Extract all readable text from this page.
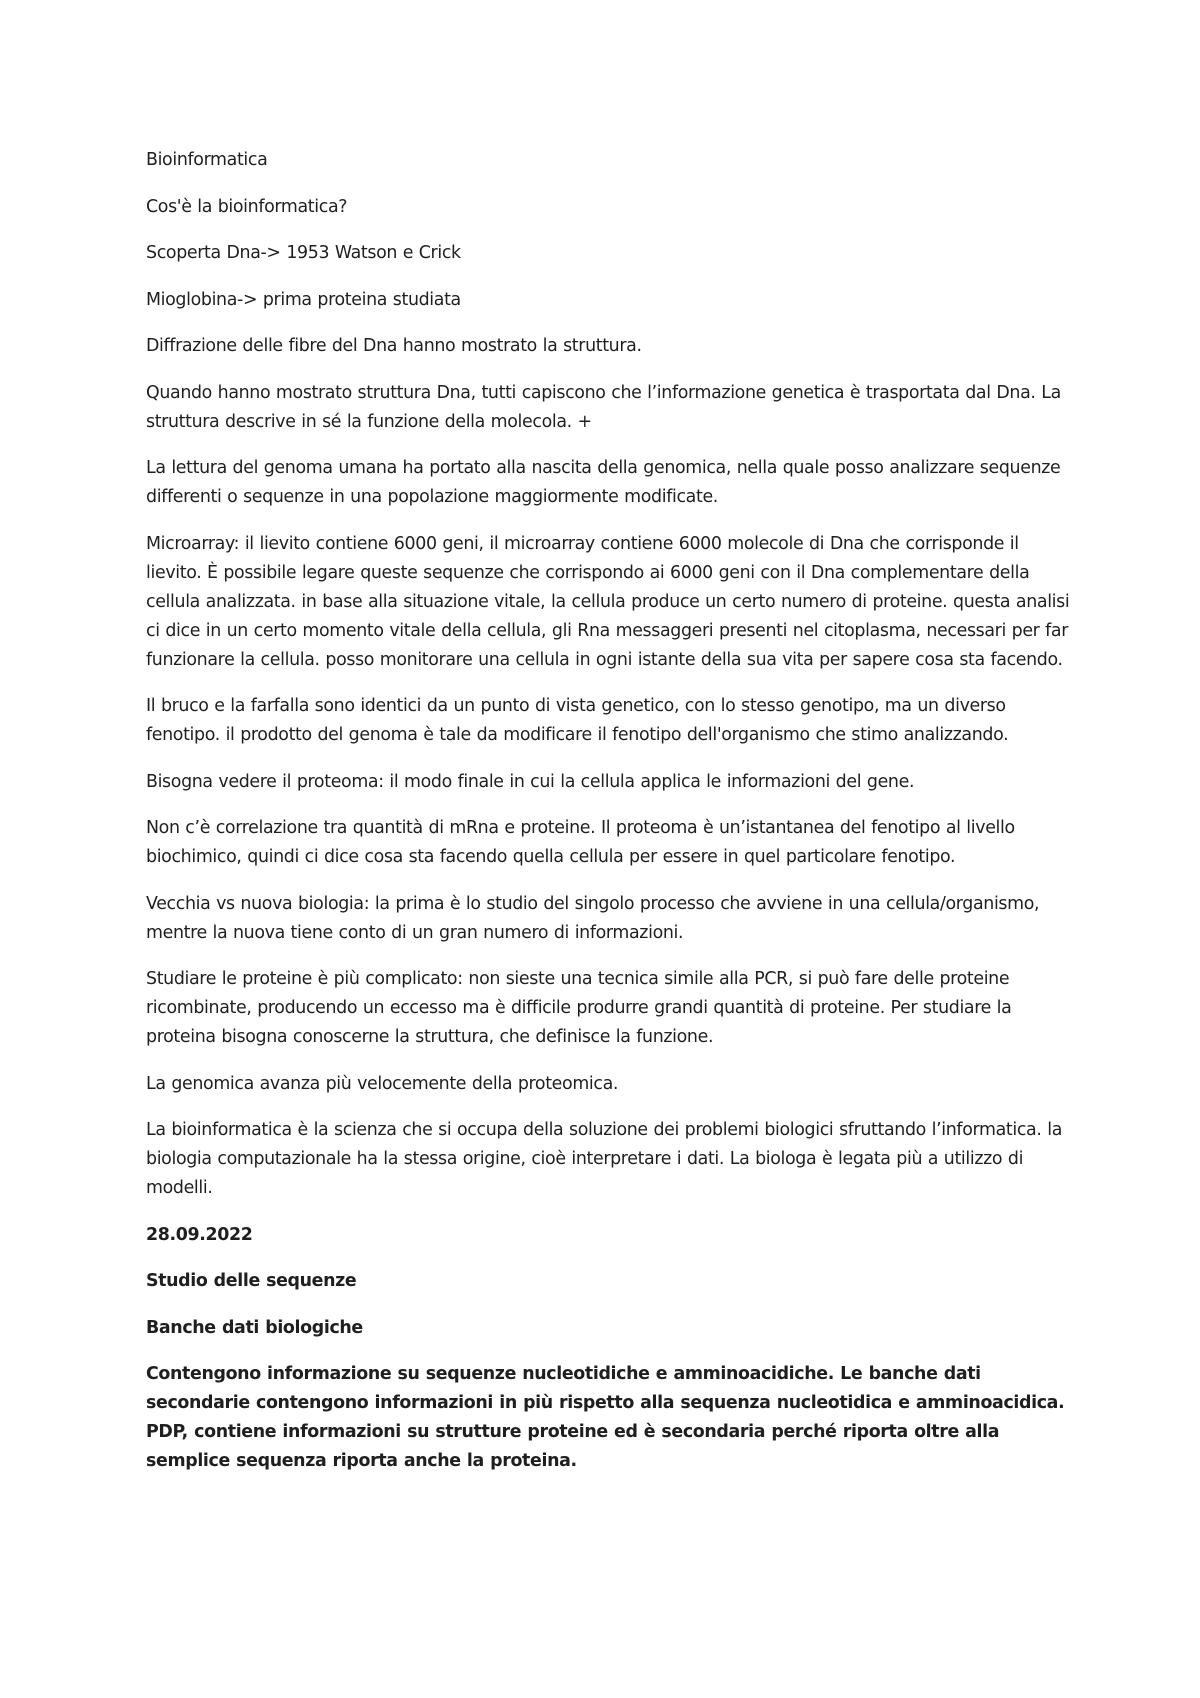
Bioinformatica

Cos'è la bioinformatica?

Scoperta Dna-> 1953 Watson e Crick

Mioglobina-> prima proteina studiata

Diffrazione delle fibre del Dna hanno mostrato la struttura.

Quando hanno mostrato struttura Dna, tutti capiscono che l’informazione genetica è trasportata dal Dna. La struttura descrive in sé la funzione della molecola. +

La lettura del genoma umana ha portato alla nascita della genomica, nella quale posso analizzare sequenze differenti o sequenze in una popolazione maggiormente modificate.

Microarray: il lievito contiene 6000 geni, il microarray contiene 6000 molecole di Dna che corrisponde il lievito. È possibile legare queste sequenze che corrispondo ai 6000 geni con il Dna complementare della cellula analizzata. in base alla situazione vitale, la cellula produce un certo numero di proteine. questa analisi ci dice in un certo momento vitale della cellula, gli Rna messaggeri presenti nel citoplasma, necessari per far funzionare la cellula. posso monitorare una cellula in ogni istante della sua vita per sapere cosa sta facendo.

Il bruco e la farfalla sono identici da un punto di vista genetico, con lo stesso genotipo, ma un diverso fenotipo. il prodotto del genoma è tale da modificare il fenotipo dell'organismo che stimo analizzando.

Bisogna vedere il proteoma: il modo finale in cui la cellula applica le informazioni del gene.

Non c’è correlazione tra quantità di mRna e proteine. Il proteoma è un’istantanea del fenotipo al livello biochimico, quindi ci dice cosa sta facendo quella cellula per essere in quel particolare fenotipo.

Vecchia vs nuova biologia: la prima è lo studio del singolo processo che avviene in una cellula/organismo, mentre la nuova tiene conto di un gran numero di informazioni.

Studiare le proteine è più complicato: non sieste una tecnica simile alla PCR, si può fare delle proteine ricombinate, producendo un eccesso ma è difficile produrre grandi quantità di proteine. Per studiare la proteina bisogna conoscerne la struttura, che definisce la funzione.

La genomica avanza più velocemente della proteomica.

La bioinformatica è la scienza che si occupa della soluzione dei problemi biologici sfruttando l’informatica. la biologia computazionale ha la stessa origine, cioè interpretare i dati. La biologa è legata più a utilizzo di modelli.

28.09.2022

Studio delle sequenze

Banche dati biologiche

Contengono informazione su sequenze nucleotidiche e amminoacidiche. Le banche dati secondarie contengono informazioni in più rispetto alla sequenza nucleotidica e amminoacidica. PDP, contiene informazioni su strutture proteine ed è secondaria perché riporta oltre alla semplice sequenza riporta anche la proteina.
